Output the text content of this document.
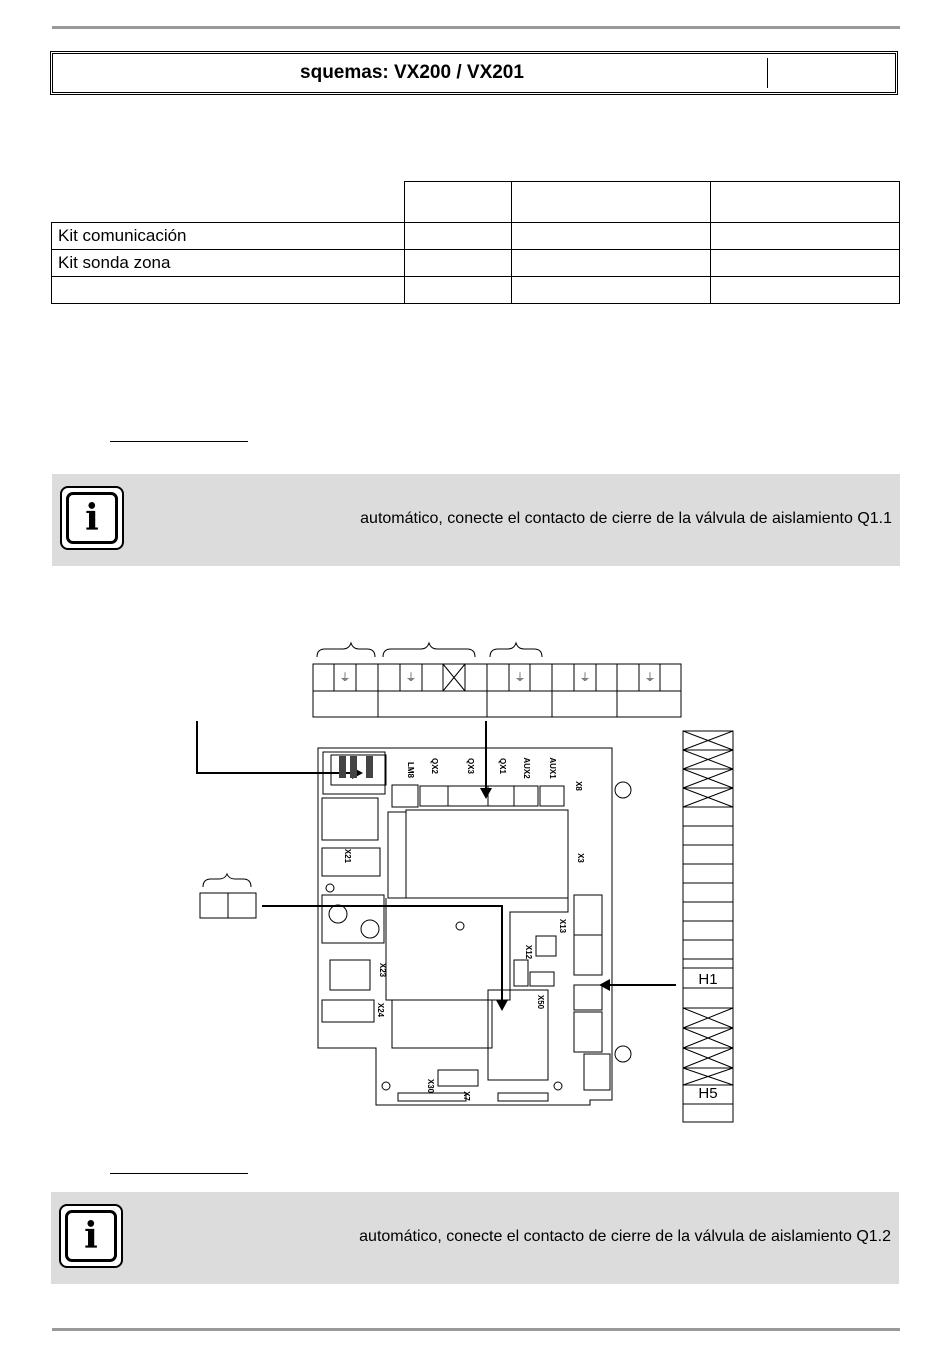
squemas: VX200 / VX201

Kit comunicación			
Kit sonda zona			

i	automático, conecte el contacto de cierre de la válvula de aislamiento Q1.1
i	automático, conecte el contacto de cierre de la válvula de aislamiento Q1.2
⏚	⏚	⏚	⏚	⏚
LM8 QX2	QX3	QX1 AUX2 AUX1
X8
X30
X50
X7
X21
X23
X24
X3
X12
X13
H1
H5
